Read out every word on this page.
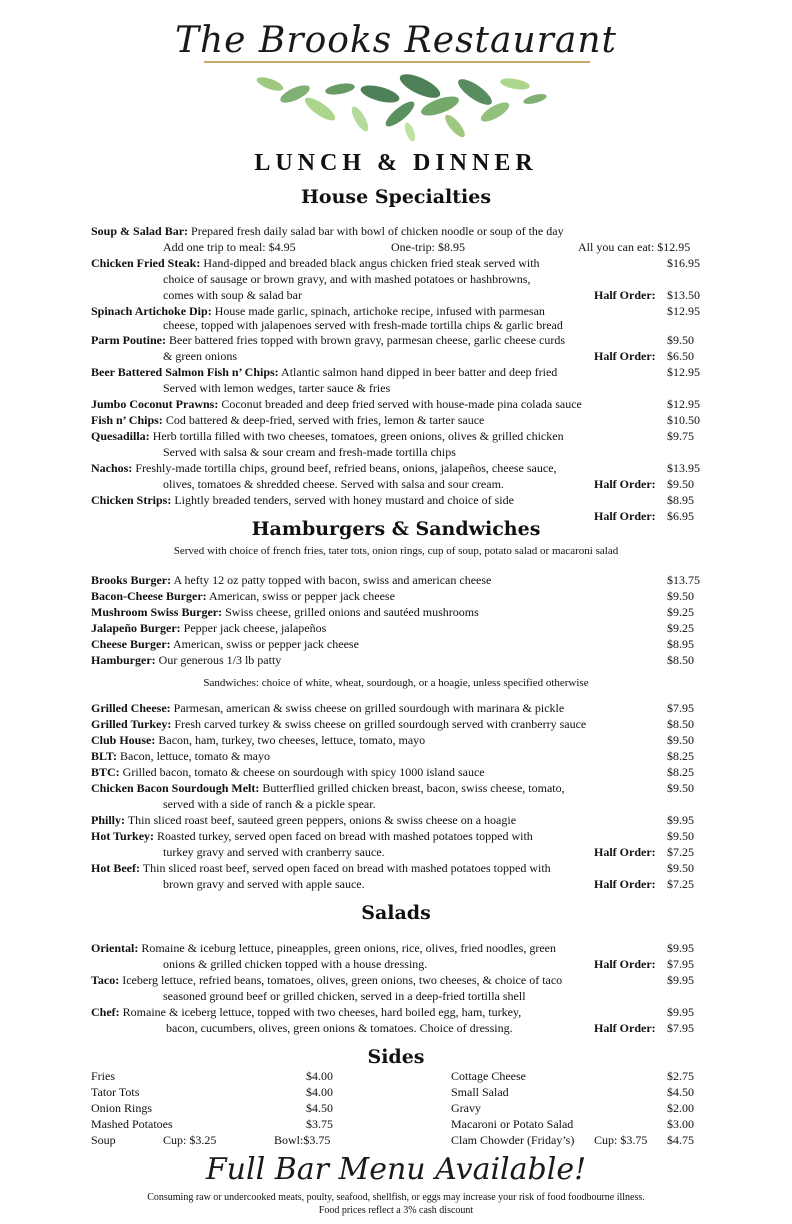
The Brooks Restaurant
LUNCH & DINNER
House Specialties
Soup & Salad Bar: Prepared fresh daily salad bar with bowl of chicken noodle or soup of the day
Add one trip to meal: $4.95	One-trip: $8.95	All you can eat: $12.95
Chicken Fried Steak: Hand-dipped and breaded black angus chicken fried steak served with	$16.95
choice of sausage or brown gravy, and with mashed potatoes or hashbrowns,
comes with soup & salad bar	Half Order: $13.50
Spinach Artichoke Dip: House made garlic, spinach, artichoke recipe, infused with parmesan	$12.95
cheese, topped with jalapenoes served with fresh-made tortilla chips & garlic bread
Parm Poutine: Beer battered fries topped with brown gravy, parmesan cheese, garlic cheese curds	$9.50
& green onions	Half Order: $6.50
Beer Battered Salmon Fish n’ Chips: Atlantic salmon hand dipped in beer batter and deep fried	$12.95
Served with lemon wedges, tarter sauce & fries
Jumbo Coconut Prawns: Coconut breaded and deep fried served with house-made pina colada sauce	$12.95
Fish n’ Chips: Cod battered & deep-fried, served with fries, lemon & tarter sauce	$10.50
Quesadilla: Herb tortilla filled with two cheeses, tomatoes, green onions, olives & grilled chicken	$9.75
Served with salsa & sour cream and fresh-made tortilla chips
Nachos: Freshly-made tortilla chips, ground beef, refried beans, onions, jalapeños, cheese sauce,	$13.95
olives, tomatoes & shredded cheese. Served with salsa and sour cream.	Half Order: $9.50
Chicken Strips: Lightly breaded tenders, served with honey mustard and choice of side	$8.95
Half Order: $6.95
Hamburgers & Sandwiches
Served with choice of french fries, tater tots, onion rings, cup of soup, potato salad or macaroni salad
Brooks Burger: A hefty 12 oz patty topped with bacon, swiss and american cheese	$13.75
Bacon-Cheese Burger: American, swiss or pepper jack cheese	$9.50
Mushroom Swiss Burger: Swiss cheese, grilled onions and sautéed mushrooms	$9.25
Jalapeño Burger: Pepper jack cheese, jalapeños	$9.25
Cheese Burger: American, swiss or pepper jack cheese	$8.95
Hamburger: Our generous 1/3 lb patty	$8.50
Sandwiches: choice of white, wheat, sourdough, or a hoagie, unless specified otherwise
Grilled Cheese: Parmesan, american & swiss cheese on grilled sourdough with marinara & pickle	$7.95
Grilled Turkey: Fresh carved turkey & swiss cheese on grilled sourdough served with cranberry sauce	$8.50
Club House: Bacon, ham, turkey, two cheeses, lettuce, tomato, mayo	$9.50
BLT: Bacon, lettuce, tomato & mayo	$8.25
BTC: Grilled bacon, tomato & cheese on sourdough with spicy 1000 island sauce	$8.25
Chicken Bacon Sourdough Melt: Butterflied grilled chicken breast, bacon, swiss cheese, tomato,	$9.50
served with a side of ranch & a pickle spear.
Philly: Thin sliced roast beef, sauteed green peppers, onions & swiss cheese on a hoagie	$9.95
Hot Turkey: Roasted turkey, served open faced on bread with mashed potatoes topped with	$9.50
turkey gravy and served with cranberry sauce.	Half Order: $7.25
Hot Beef: Thin sliced roast beef, served open faced on bread with mashed potatoes topped with	$9.50
brown gravy and served with apple sauce.	Half Order: $7.25
Salads
Oriental: Romaine & iceburg lettuce, pineapples, green onions, rice, olives, fried noodles, green	$9.95
onions & grilled chicken topped with a house dressing.	Half Order: $7.95
Taco: Iceberg lettuce, refried beans, tomatoes, olives, green onions, two cheeses, & choice of taco	$9.95
seasoned ground beef or grilled chicken, served in a deep-fried tortilla shell
Chef: Romaine & iceberg lettuce, topped with two cheeses, hard boiled egg, ham, turkey,	$9.95
bacon, cucumbers, olives, green onions & tomatoes. Choice of dressing.	Half Order: $7.95
Sides
Fries	$4.00
Tator Tots	$4.00
Onion Rings	$4.50
Mashed Potatoes	$3.75
Soup	Cup: $3.25	Bowl:$3.75
Cottage Cheese	$2.75
Small Salad	$4.50
Gravy	$2.00
Macaroni or Potato Salad	$3.00
Clam Chowder (Friday’s) Cup: $3.75 $4.75
Full Bar Menu Available!
Consuming raw or undercooked meats, poulty, seafood, shellfish, or eggs may increase your risk of food foodbourne illness.
Food prices reflect a 3% cash discount
